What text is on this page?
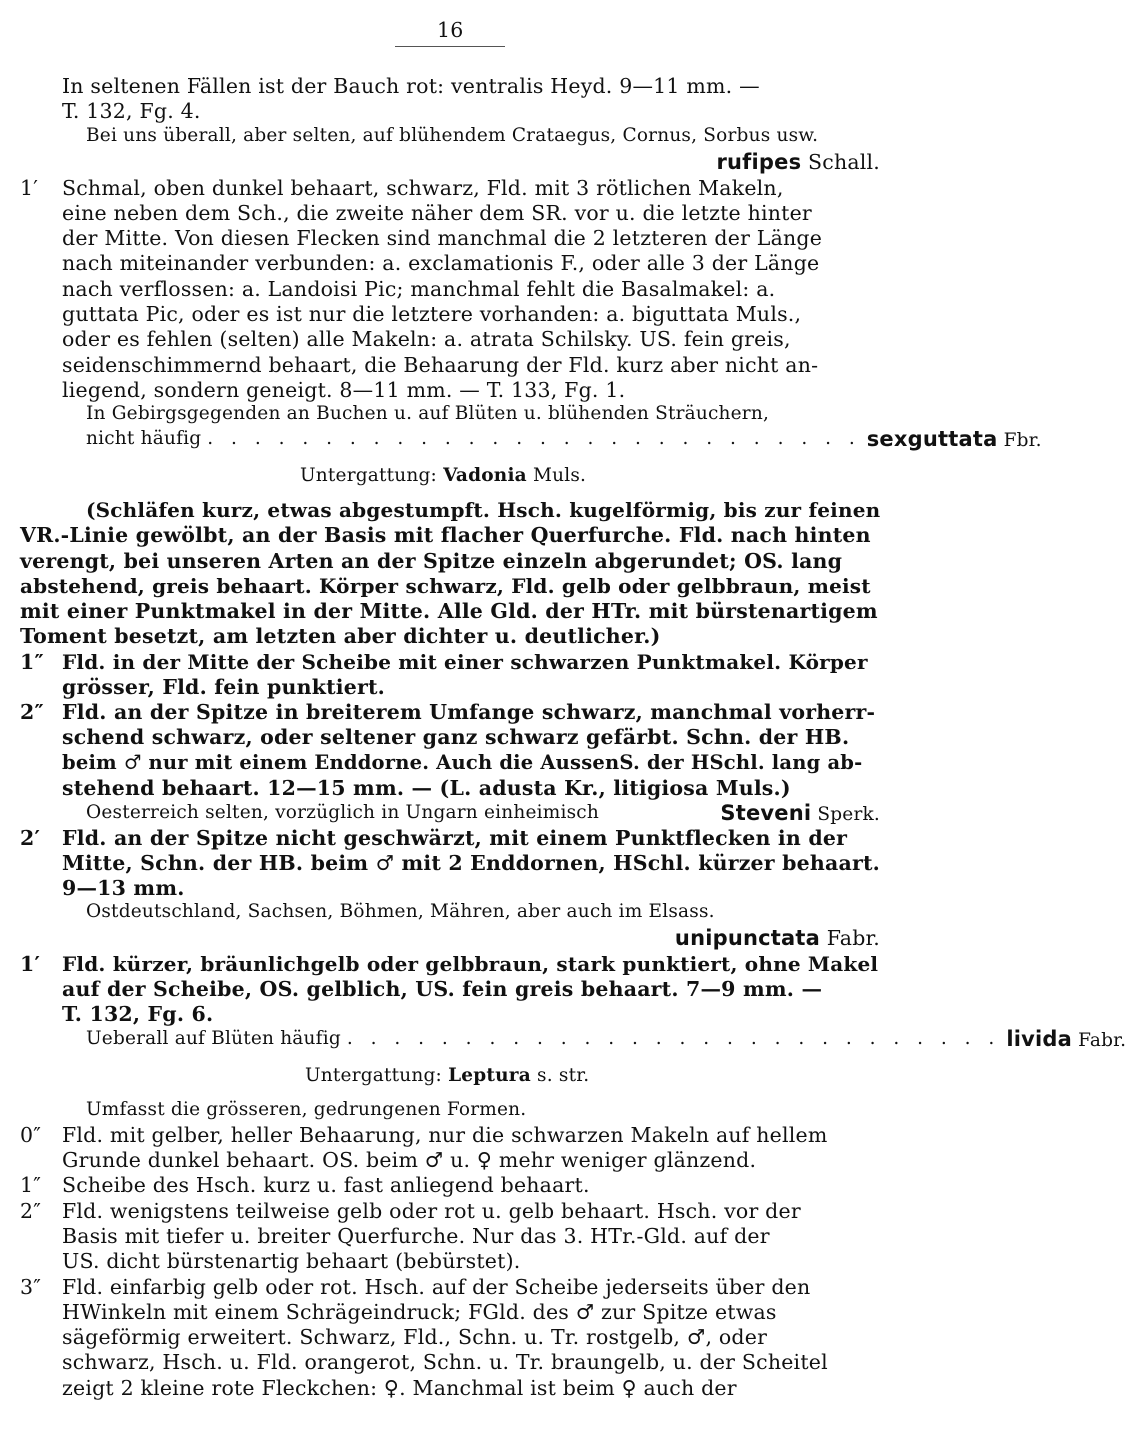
16
In seltenen Fällen ist der Bauch rot: ventralis Heyd. 9—11 mm. —
T. 132, Fg. 4.
Bei uns überall, aber selten, auf blühendem Crataegus, Cornus, Sorbus usw.
rufipes Schall.
1′ Schmal, oben dunkel behaart, schwarz, Fld. mit 3 rötlichen Makeln,
eine neben dem Sch., die zweite näher dem SR. vor u. die letzte hinter
der Mitte. Von diesen Flecken sind manchmal die 2 letzteren der Länge
nach miteinander verbunden: a. exclamationis F., oder alle 3 der Länge
nach verflossen: a. Landoisi Pic; manchmal fehlt die Basalmakel: a.
guttata Pic, oder es ist nur die letztere vorhanden: a. biguttata Muls.,
oder es fehlen (selten) alle Makeln: a. atrata Schilsky. US. fein greis,
seidenschimmernd behaart, die Behaarung der Fld. kurz aber nicht an-
liegend, sondern geneigt. 8—11 mm. — T. 133, Fg. 1.
In Gebirgsgegenden an Buchen u. auf Blüten u. blühenden Sträuchern,
nicht häufig . . . . . . . . . . . . . . . . . . . . . . . . . . . . sexguttata Fbr.
Untergattung: Vadonia Muls.
(Schläfen kurz, etwas abgestumpft. Hsch. kugelförmig, bis zur feinen
VR.-Linie gewölbt, an der Basis mit flacher Querfurche. Fld. nach hinten
verengt, bei unseren Arten an der Spitze einzeln abgerundet; OS. lang
abstehend, greis behaart. Körper schwarz, Fld. gelb oder gelbbraun, meist
mit einer Punktmakel in der Mitte. Alle Gld. der HTr. mit bürstenartigem
Toment besetzt, am letzten aber dichter u. deutlicher.)
1″ Fld. in der Mitte der Scheibe mit einer schwarzen Punktmakel. Körper
grösser, Fld. fein punktiert.
2″ Fld. an der Spitze in breiterem Umfange schwarz, manchmal vorherr-
schend schwarz, oder seltener ganz schwarz gefärbt. Schn. der HB.
beim ♂ nur mit einem Enddorne. Auch die AussenS. der HSchl. lang ab-
stehend behaart. 12—15 mm. — (L. adusta Kr., litigiosa Muls.)
Oesterreich selten, vorzüglich in Ungarn einheimisch	Steveni Sperk.
2′ Fld. an der Spitze nicht geschwärzt, mit einem Punktflecken in der
Mitte, Schn. der HB. beim ♂ mit 2 Enddornen, HSchl. kürzer behaart.
9—13 mm.
Ostdeutschland, Sachsen, Böhmen, Mähren, aber auch im Elsass.
unipunctata Fabr.
1′ Fld. kürzer, bräunlichgelb oder gelbbraun, stark punktiert, ohne Makel
auf der Scheibe, OS. gelblich, US. fein greis behaart. 7—9 mm. —
T. 132, Fg. 6.
Ueberall auf Blüten häufig . . . . . . . . . . . . . . . . . . . . . . . . . . . . livida Fabr.
Untergattung: Leptura s. str.
Umfasst die grösseren, gedrungenen Formen.
0″ Fld. mit gelber, heller Behaarung, nur die schwarzen Makeln auf hellem
Grunde dunkel behaart. OS. beim ♂ u. ♀ mehr weniger glänzend.
1″ Scheibe des Hsch. kurz u. fast anliegend behaart.
2″ Fld. wenigstens teilweise gelb oder rot u. gelb behaart. Hsch. vor der
Basis mit tiefer u. breiter Querfurche. Nur das 3. HTr.-Gld. auf der
US. dicht bürstenartig behaart (bebürstet).
3″ Fld. einfarbig gelb oder rot. Hsch. auf der Scheibe jederseits über den
HWinkeln mit einem Schrägeindruck; FGld. des ♂ zur Spitze etwas
sägeförmig erweitert. Schwarz, Fld., Schn. u. Tr. rostgelb, ♂, oder
schwarz, Hsch. u. Fld. orangerot, Schn. u. Tr. braungelb, u. der Scheitel
zeigt 2 kleine rote Fleckchen: ♀. Manchmal ist beim ♀ auch der
